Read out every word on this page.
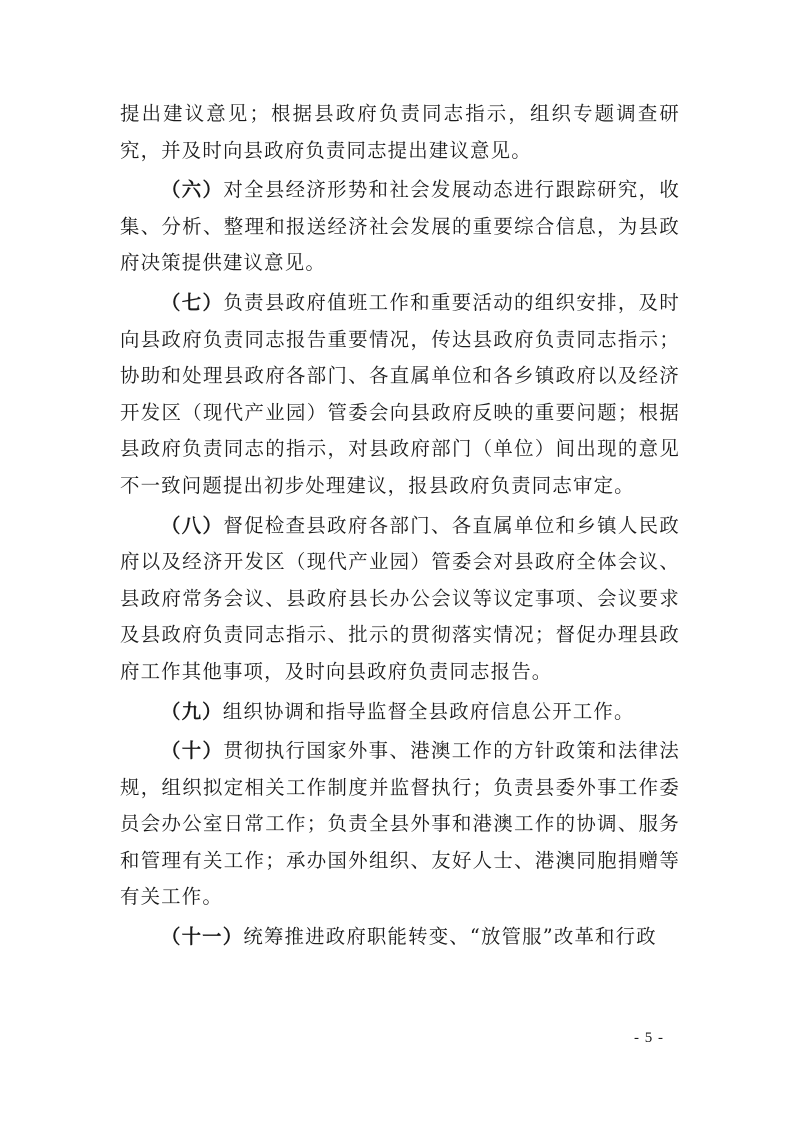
提出建议意见；根据县政府负责同志指示，组织专题调查研究，并及时向县政府负责同志提出建议意见。

（六）对全县经济形势和社会发展动态进行跟踪研究，收集、分析、整理和报送经济社会发展的重要综合信息，为县政府决策提供建议意见。

（七）负责县政府值班工作和重要活动的组织安排，及时向县政府负责同志报告重要情况，传达县政府负责同志指示；协助和处理县政府各部门、各直属单位和各乡镇政府以及经济开发区（现代产业园）管委会向县政府反映的重要问题；根据县政府负责同志的指示，对县政府部门（单位）间出现的意见不一致问题提出初步处理建议，报县政府负责同志审定。

（八）督促检查县政府各部门、各直属单位和乡镇人民政府以及经济开发区（现代产业园）管委会对县政府全体会议、县政府常务会议、县政府县长办公会议等议定事项、会议要求及县政府负责同志指示、批示的贯彻落实情况；督促办理县政府工作其他事项，及时向县政府负责同志报告。

（九）组织协调和指导监督全县政府信息公开工作。

（十）贯彻执行国家外事、港澳工作的方针政策和法律法规，组织拟定相关工作制度并监督执行；负责县委外事工作委员会办公室日常工作；负责全县外事和港澳工作的协调、服务和管理有关工作；承办国外组织、友好人士、港澳同胞捐赠等有关工作。

（十一）统筹推进政府职能转变、“放管服”改革和行政

- 5 -
